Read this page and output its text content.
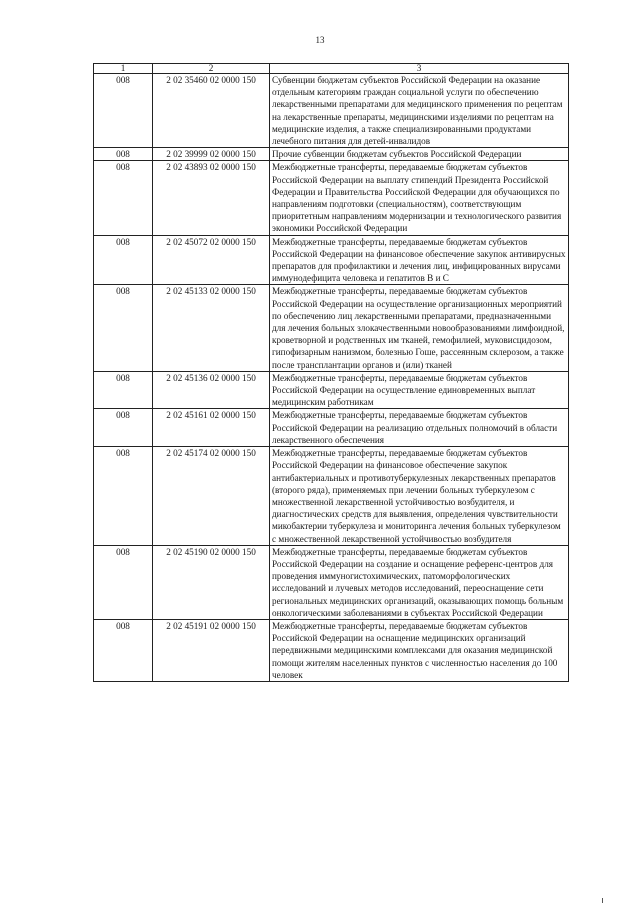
13
1	2	3
008	2 02 35460 02 0000 150	Субвенции бюджетам субъектов Российской Федерации на оказание отдельным категориям граждан социальной услуги по обеспечению лекарственными препаратами для медицинского применения по рецептам на лекарственные препараты, медицинскими изделиями по рецептам на медицинские изделия, а также специализированными продуктами лечебного питания для детей-инвалидов
008	2 02 39999 02 0000 150	Прочие субвенции бюджетам субъектов Российской Федерации
008	2 02 43893 02 0000 150	Межбюджетные трансферты, передаваемые бюджетам субъектов Российской Федерации на выплату стипендий Президента Российской Федерации и Правительства Российской Федерации для обучающихся по направлениям подготовки (специальностям), соответствующим приоритетным направлениям модернизации и технологического развития экономики Российской Федерации
008	2 02 45072 02 0000 150	Межбюджетные трансферты, передаваемые бюджетам субъектов Российской Федерации на финансовое обеспечение закупок антивирусных препаратов для профилактики и лечения лиц, инфицированных вирусами иммунодефицита человека и гепатитов B и C
008	2 02 45133 02 0000 150	Межбюджетные трансферты, передаваемые бюджетам субъектов Российской Федерации на осуществление организационных мероприятий по обеспечению лиц лекарственными препаратами, предназначенными для лечения больных злокачественными новообразованиями лимфоидной, кроветворной и родственных им тканей, гемофилией, муковисцидозом, гипофизарным нанизмом, болезнью Гоше, рассеянным склерозом, а также после трансплантации органов и (или) тканей
008	2 02 45136 02 0000 150	Межбюджетные трансферты, передаваемые бюджетам субъектов Российской Федерации на осуществление единовременных выплат медицинским работникам
008	2 02 45161 02 0000 150	Межбюджетные трансферты, передаваемые бюджетам субъектов Российской Федерации на реализацию отдельных полномочий в области лекарственного обеспечения
008	2 02 45174 02 0000 150	Межбюджетные трансферты, передаваемые бюджетам субъектов Российской Федерации на финансовое обеспечение закупок антибактериальных и противотуберкулезных лекарственных препаратов (второго ряда), применяемых при лечении больных туберкулезом с множественной лекарственной устойчивостью возбудителя, и диагностических средств для выявления, определения чувствительности микобактерии туберкулеза и мониторинга лечения больных туберкулезом с множественной лекарственной устойчивостью возбудителя
008	2 02 45190 02 0000 150	Межбюджетные трансферты, передаваемые бюджетам субъектов Российской Федерации на создание и оснащение референс-центров для проведения иммуногистохимических, патоморфологических исследований и лучевых методов исследований, переоснащение сети региональных медицинских организаций, оказывающих помощь больным онкологическими заболеваниями в субъектах Российской Федерации
008	2 02 45191 02 0000 150	Межбюджетные трансферты, передаваемые бюджетам субъектов Российской Федерации на оснащение медицинских организаций передвижными медицинскими комплексами для оказания медицинской помощи жителям населенных пунктов с численностью населения до 100 человек
